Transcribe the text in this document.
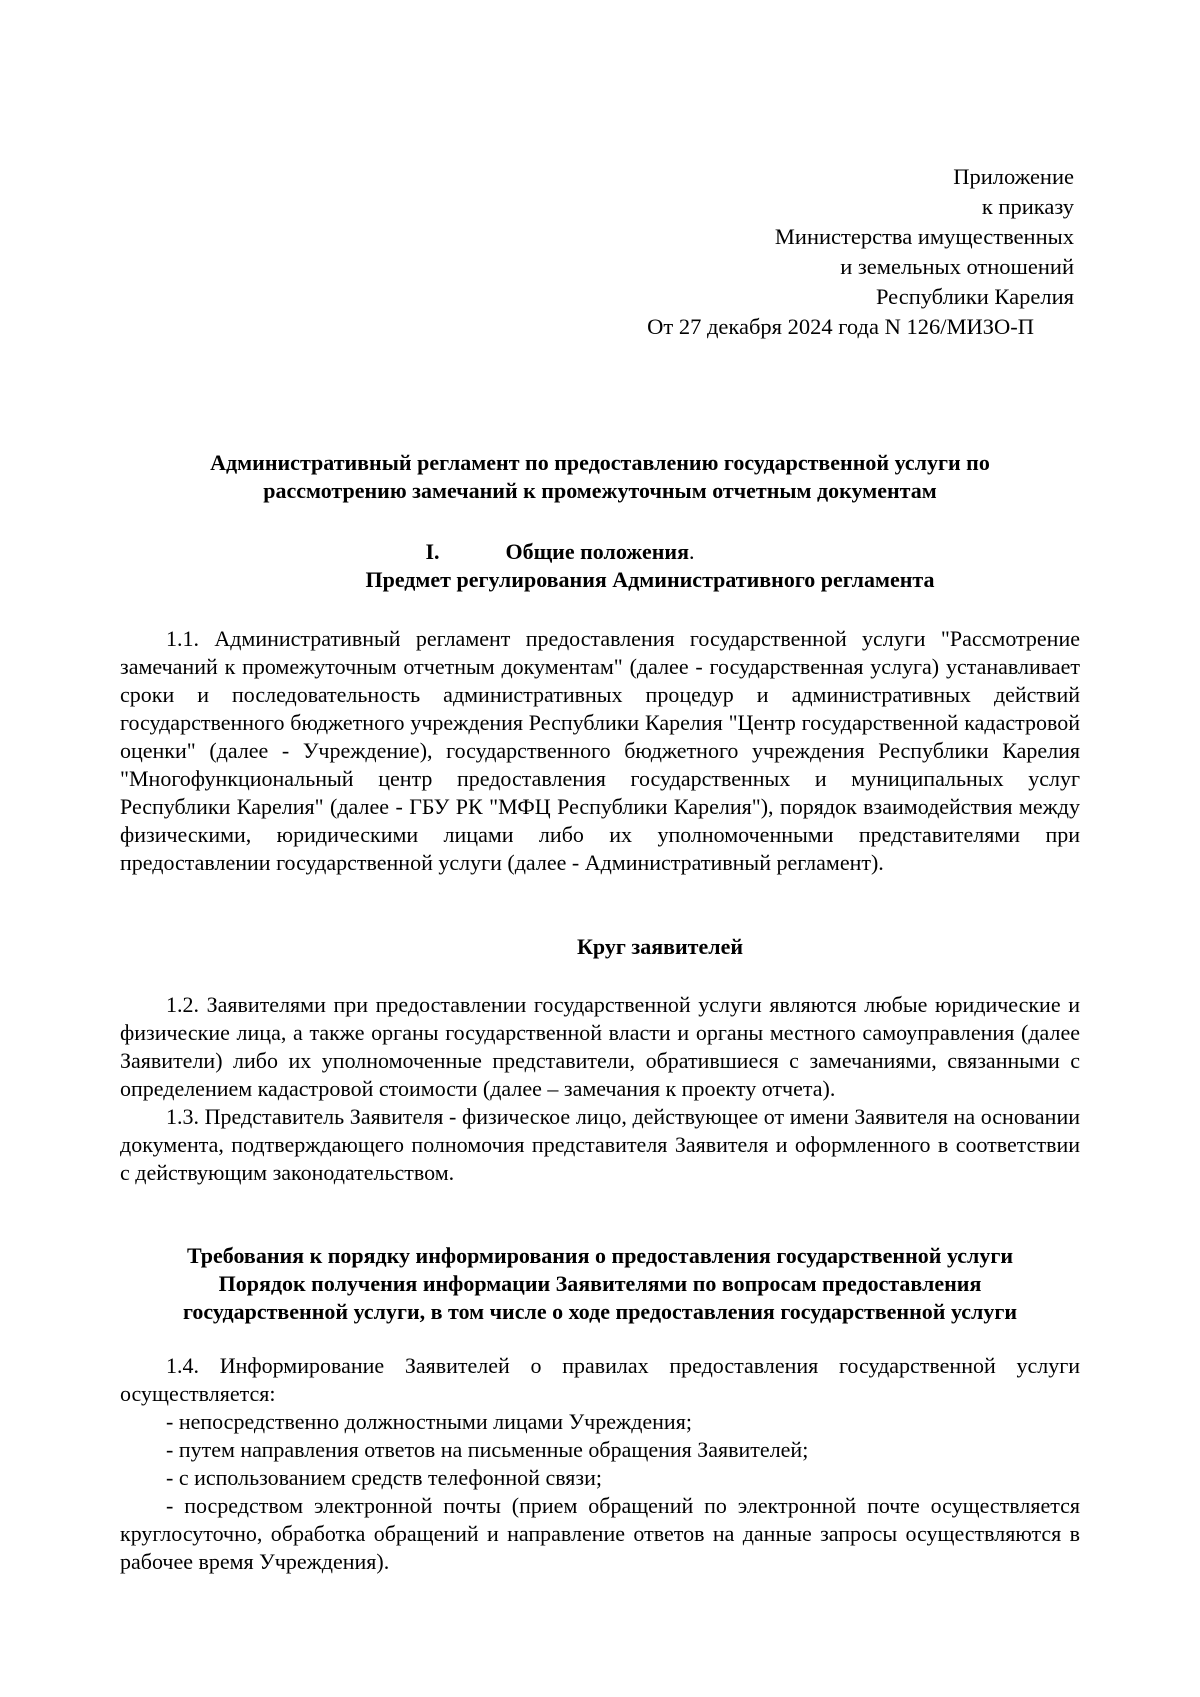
Приложение
к приказу
Министерства имущественных
и земельных отношений
Республики Карелия
От 27 декабря 2024 года N 126/МИЗО-П
Административный регламент по предоставлению государственной услуги по
рассмотрению замечаний к промежуточным отчетным документам
I.	Общие положения.
Предмет регулирования Административного регламента

1.1. Административный регламент предоставления государственной услуги "Рассмотрение замечаний к промежуточным отчетным документам" (далее - государственная услуга) устанавливает сроки и последовательность административных процедур и административных действий государственного бюджетного учреждения Республики Карелия "Центр государственной кадастровой оценки" (далее - Учреждение), государственного бюджетного учреждения Республики Карелия "Многофункциональный центр предоставления государственных и муниципальных услуг Республики Карелия" (далее - ГБУ РК "МФЦ Республики Карелия"), порядок взаимодействия между физическими, юридическими лицами либо их уполномоченными представителями при предоставлении государственной услуги (далее - Административный регламент).

Круг заявителей

1.2. Заявителями при предоставлении государственной услуги являются любые юридические и физические лица, а также органы государственной власти и органы местного самоуправления (далее Заявители) либо их уполномоченные представители, обратившиеся с замечаниями, связанными с определением кадастровой стоимости (далее – замечания к проекту отчета).

1.3. Представитель Заявителя - физическое лицо, действующее от имени Заявителя на основании документа, подтверждающего полномочия представителя Заявителя и оформленного в соответствии с действующим законодательством.

Требования к порядку информирования о предоставления государственной услуги
Порядок получения информации Заявителями по вопросам предоставления
государственной услуги, в том числе о ходе предоставления государственной услуги

1.4. Информирование Заявителей о правилах предоставления государственной услуги осуществляется:

- непосредственно должностными лицами Учреждения;

- путем направления ответов на письменные обращения Заявителей;

- с использованием средств телефонной связи;

- посредством электронной почты (прием обращений по электронной почте осуществляется круглосуточно, обработка обращений и направление ответов на данные запросы осуществляются в рабочее время Учреждения).
